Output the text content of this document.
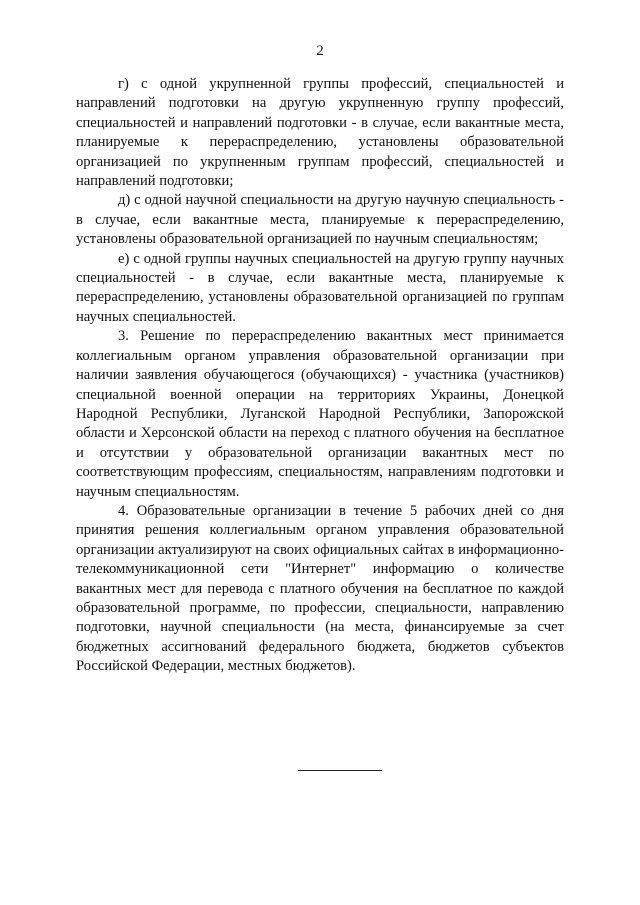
2

г) с одной укрупненной группы профессий, специальностей и направлений подготовки на другую укрупненную группу профессий, специальностей и направлений подготовки - в случае, если вакантные места, планируемые к перераспределению, установлены образовательной организацией по укрупненным группам профессий, специальностей и направлений подготовки;

д) с одной научной специальности на другую научную специальность - в случае, если вакантные места, планируемые к перераспределению, установлены образовательной организацией по научным специальностям;

е) с одной группы научных специальностей на другую группу научных специальностей - в случае, если вакантные места, планируемые к перераспределению, установлены образовательной организацией по группам научных специальностей.

3. Решение по перераспределению вакантных мест принимается коллегиальным органом управления образовательной организации при наличии заявления обучающегося (обучающихся) - участника (участников) специальной военной операции на территориях Украины, Донецкой Народной Республики, Луганской Народной Республики, Запорожской области и Херсонской области на переход с платного обучения на бесплатное и отсутствии у образовательной организации вакантных мест по соответствующим профессиям, специальностям, направлениям подготовки и научным специальностям.

4. Образовательные организации в течение 5 рабочих дней со дня принятия решения коллегиальным органом управления образовательной организации актуализируют на своих официальных сайтах в информационно-телекоммуникационной сети "Интернет" информацию о количестве вакантных мест для перевода с платного обучения на бесплатное по каждой образовательной программе, по профессии, специальности, направлению подготовки, научной специальности (на места, финансируемые за счет бюджетных ассигнований федерального бюджета, бюджетов субъектов Российской Федерации, местных бюджетов).
